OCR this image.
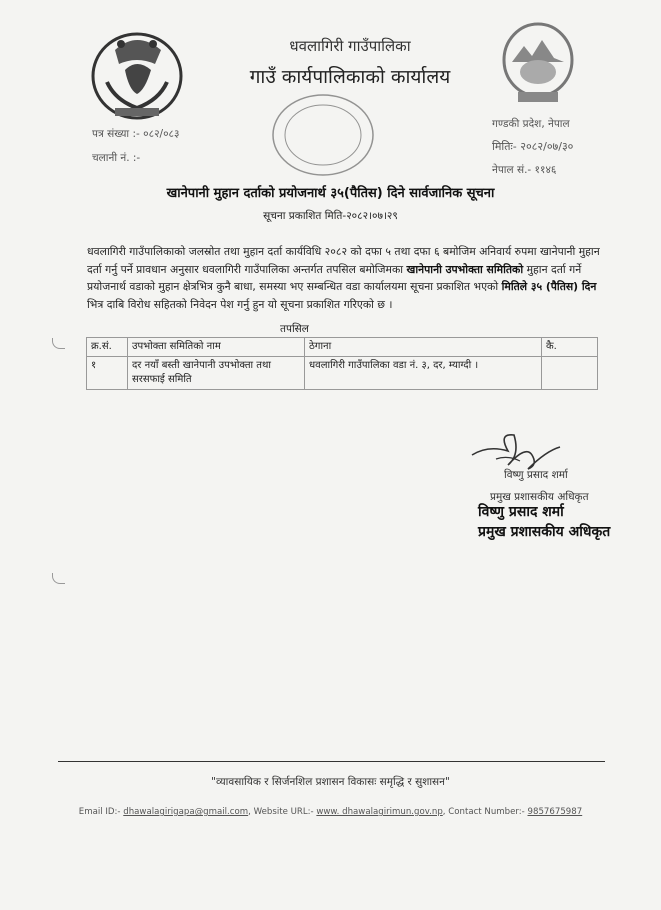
धवलागिरी गाउँपालिका
गाउँ कार्यपालिकाको कार्यालय
पत्र संख्या :- ०८२/०८३
चलानी नं. :-
गण्डकी प्रदेश, नेपाल
मितिः- २०८२/०७/३०
नेपाल सं.- ११४६
खानेपानी मुहान दर्ताको प्रयोजनार्थ ३५(पैतिस) दिने सार्वजानिक सूचना
सूचना प्रकाशित मिति-२०८२।०७।२९
धवलागिरी गाउँपालिकाको जलस्रोत तथा मुहान दर्ता कार्यविधि २०८२ को दफा ५ तथा दफा ६ बमोजिम अनिवार्य रुपमा खानेपानी मुहान दर्ता गर्नु पर्ने प्रावधान अनुसार धवलागिरी गाउँपालिका अन्तर्गत तपसिल बमोजिमका खानेपानी उपभोक्ता समितिको मुहान दर्ता गर्ने प्रयोजनार्थ वडाको मुहान क्षेत्रभित्र कुनै बाधा, समस्या भए सम्बन्धित वडा कार्यालयमा सूचना प्रकाशित भएको मितिले ३५ (पैतिस) दिन भित्र दाबि विरोध सहितको निवेदन पेश गर्नु हुन यो सूचना प्रकाशित गरिएको छ ।
तपसिल
क्र.सं.	उपभोक्ता समितिको नाम	ठेगाना	कै.
१	दर नयाँ बस्ती खानेपानी उपभोक्ता तथा सरसफाई समिति	धवलागिरी गाउँपालिका वडा नं. ३, दर, म्याग्दी ।	
विष्णु प्रसाद शर्मा
प्रमुख प्रशासकीय अधिकृत
विष्णु प्रसाद शर्मा
प्रमुख प्रशासकीय अधिकृत
"व्यावसायिक र सिर्जनशिल प्रशासन विकासः समृद्धि र सुशासन"
Email ID:- dhawalagirigapa@gmail.com, Website URL:- www. dhawalagirimun.gov.np, Contact Number:- 9857675987
